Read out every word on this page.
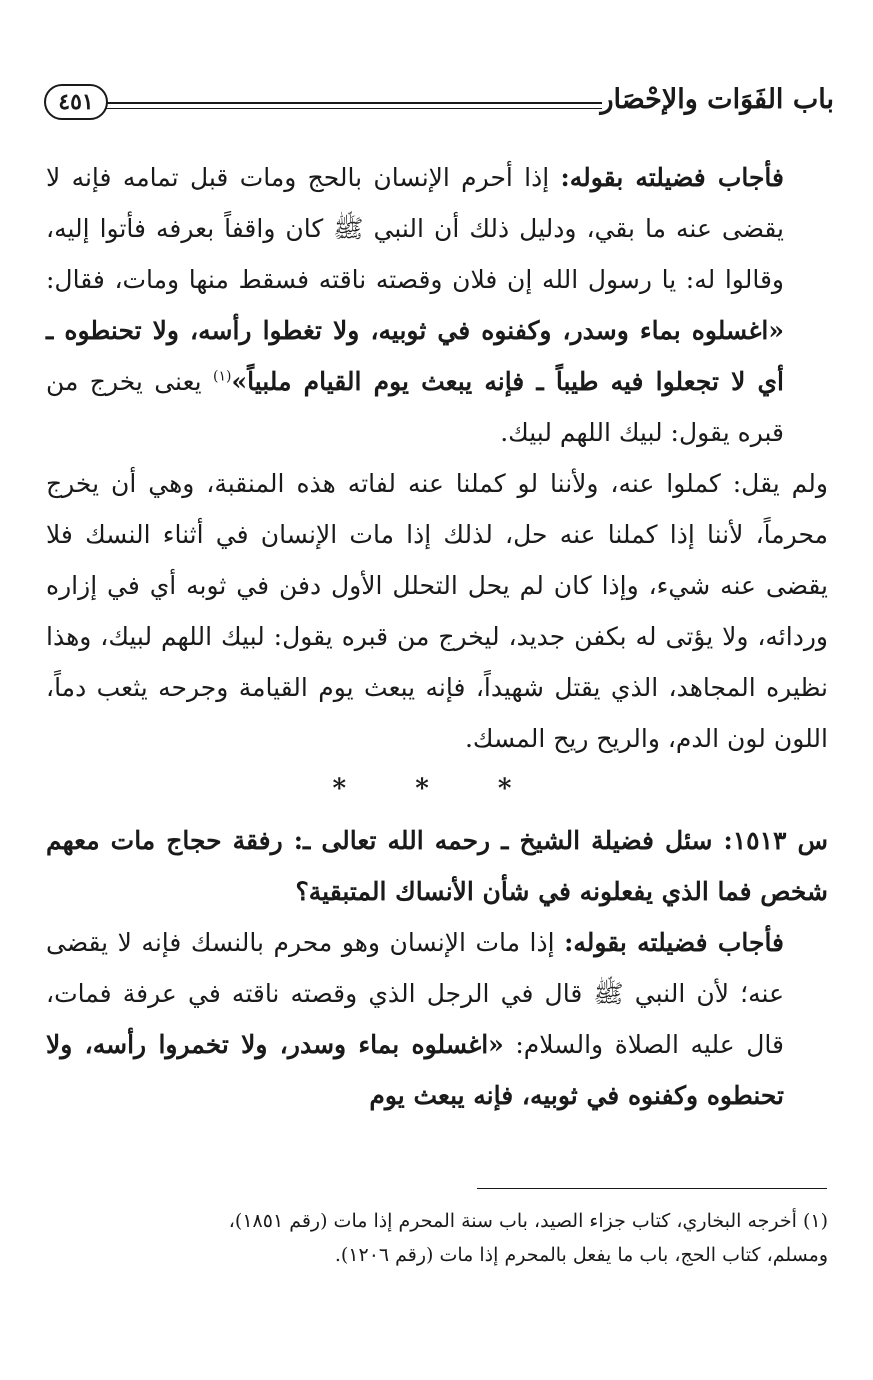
باب الفَوَات والإحْصَار
٤٥١

فأجاب فضيلته بقوله: إذا أحرم الإنسان بالحج ومات قبل تمامه فإنه لا يقضى عنه ما بقي، ودليل ذلك أن النبي ﷺ كان واقفاً بعرفه فأتوا إليه، وقالوا له: يا رسول الله إن فلان وقصته ناقته فسقط منها ومات، فقال: «اغسلوه بماء وسدر، وكفنوه في ثوبيه، ولا تغطوا رأسه، ولا تحنطوه ـ أي لا تجعلوا فيه طيباً ـ فإنه يبعث يوم القيام ملبياً»$^{(١)}$ يعنى يخرج من قبره يقول: لبيك اللهم لبيك.

ولم يقل: كملوا عنه، ولأننا لو كملنا عنه لفاته هذه المنقبة، وهي أن يخرج محرماً، لأننا إذا كملنا عنه حل، لذلك إذا مات الإنسان في أثناء النسك فلا يقضى عنه شيء، وإذا كان لم يحل التحلل الأول دفن في ثوبه أي في إزاره وردائه، ولا يؤتى له بكفن جديد، ليخرج من قبره يقول: لبيك اللهم لبيك، وهذا نظيره المجاهد، الذي يقتل شهيداً، فإنه يبعث يوم القيامة وجرحه يثعب دماً، اللون لون الدم، والريح ريح المسك.

* * *

س ١٥١٣: سئل فضيلة الشيخ ـ رحمه الله تعالى ـ: رفقة حجاج مات معهم شخص فما الذي يفعلونه في شأن الأنساك المتبقية؟

فأجاب فضيلته بقوله: إذا مات الإنسان وهو محرم بالنسك فإنه لا يقضى عنه؛ لأن النبي ﷺ قال في الرجل الذي وقصته ناقته في عرفة فمات، قال عليه الصلاة والسلام: «اغسلوه بماء وسدر، ولا تخمروا رأسه، ولا تحنطوه وكفنوه في ثوبيه، فإنه يبعث يوم

(١) أخرجه البخاري، كتاب جزاء الصيد، باب سنة المحرم إذا مات (رقم ١٨٥١)،

ومسلم، كتاب الحج، باب ما يفعل بالمحرم إذا مات (رقم ١٢٠٦).
